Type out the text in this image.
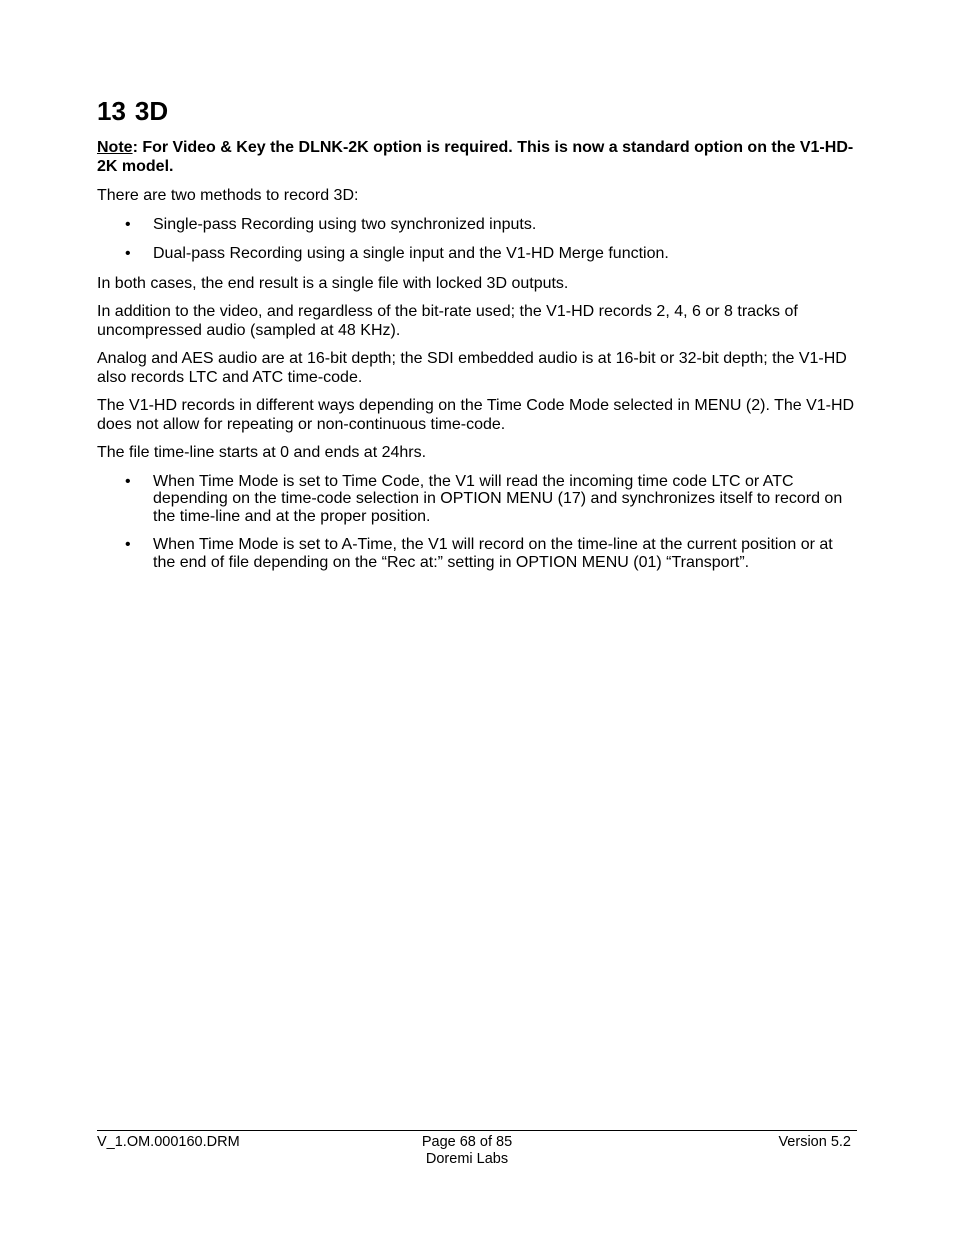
13 3D

Note: For Video & Key the DLNK-2K option is required. This is now a standard option on the V1-HD-2K model.

There are two methods to record 3D:

•	Single-pass Recording using two synchronized inputs.
•	Dual-pass Recording using a single input and the V1-HD Merge function.

In both cases, the end result is a single file with locked 3D outputs.

In addition to the video, and regardless of the bit-rate used; the V1-HD records 2, 4, 6 or 8 tracks of uncompressed audio (sampled at 48 KHz).

Analog and AES audio are at 16-bit depth; the SDI embedded audio is at 16-bit or 32-bit depth; the V1-HD also records LTC and ATC time-code.

The V1-HD records in different ways depending on the Time Code Mode selected in MENU (2). The V1-HD does not allow for repeating or non-continuous time-code.

The file time-line starts at 0 and ends at 24hrs.

•	When Time Mode is set to Time Code, the V1 will read the incoming time code LTC or ATC depending on the time-code selection in OPTION MENU (17) and synchronizes itself to record on the time-line and at the proper position.
•	When Time Mode is set to A-Time, the V1 will record on the time-line at the current position or at the end of file depending on the “Rec at:” setting in OPTION MENU (01) “Transport”.
V_1.OM.000160.DRM	Page 68 of 85
Doremi Labs
Version 5.2
